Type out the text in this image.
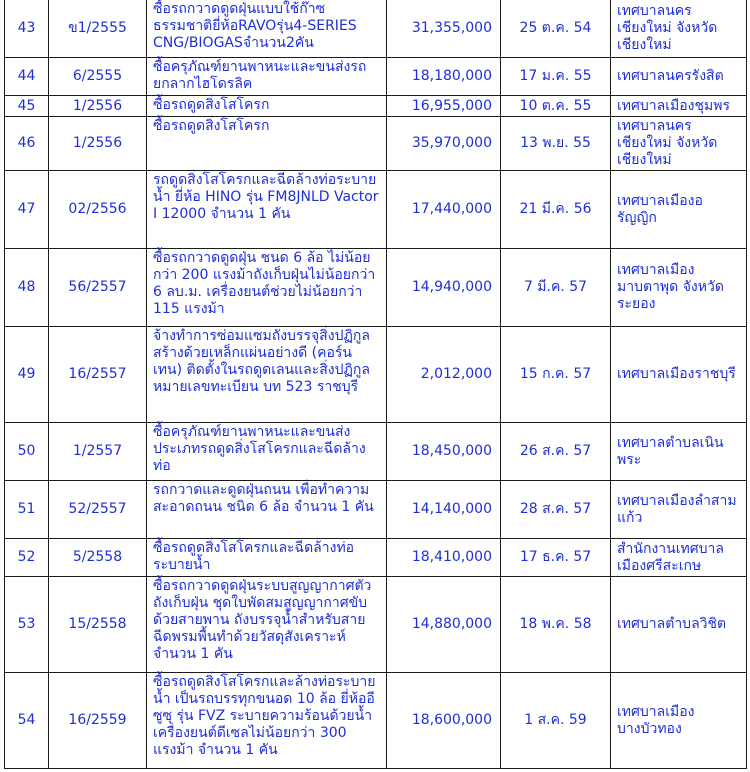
43	ข1/2555	ซื้อรถกวาดดูดฝุ่นแบบใช้ก๊าซธรรมชาติยี่ห้อRAVOรุ่น4-SERIES CNG/BIOGASจำนวน2คัน	31,355,000	25 ต.ค. 54	เทศบาลนครเชียงใหม่ จังหวัดเชียงใหม่
44	6/2555	ซื้อครุภัณฑ์ยานพาหนะและขนส่งรถยกลากไฮโดรลิค	18,180,000	17 ม.ค. 55	เทศบาลนครรังสิต
45	1/2556	ซื้อรถดูดสิ่งโสโครก	16,955,000	10 ต.ค. 55	เทศบาลเมืองชุมพร
46	1/2556	ซื้อรถดูดสิ่งโสโครก	35,970,000	13 พ.ย. 55	เทศบาลนครเชียงใหม่ จังหวัดเชียงใหม่
47	02/2556	รถดูดสิ่งโสโครกและฉีดล้างท่อระบายน้ำ ยี่ห้อ HINO รุ่น FM8JNLD Vactor I 12000 จำนวน 1 คัน	17,440,000	21 มี.ค. 56	เทศบาลเมืองอรัญญิก
48	56/2557	ซื้อรถกวาดดูดฝุ่น ชนด 6 ล้อ ไม่น้อยกว่า 200 แรงม้าถังเก็บฝุ่นไม่น้อยกว่า 6 ลบ.ม. เครื่องยนต์ช่วยไม่น้อยกว่า 115 แรงม้า	14,940,000	7 มี.ค. 57	เทศบาลเมืองมาบตาพุด จังหวัดระยอง
49	16/2557	จ้างทำการซ่อมแซมถังบรรจุสิ่งปฏิกูลสร้างด้วยเหล็กแผ่นอย่างดี (คอร์นเทน) ติดตั้งในรถดูดเลนและสิ่งปฏิกูล หมายเลขทะเบียน บท 523 ราชบุรี	2,012,000	15 ก.ค. 57	เทศบาลเมืองราชบุรี
50	1/2557	ซื้อครุภัณฑ์ยานพาหนะและขนส่งประเภทรถดูดสิ่งโสโครกและฉีดล้างท่อ	18,450,000	26 ส.ค. 57	เทศบาลตำบลเนินพระ
51	52/2557	รถกวาดและดูดฝุ่นถนน เพื่อทำความสะอาดถนน ชนิด 6 ล้อ จำนวน 1 คัน	14,140,000	28 ส.ค. 57	เทศบาลเมืองลำสามแก้ว
52	5/2558	ซื้อรถดูดสิ่งโสโครกและฉีดล้างท่อระบายน้ำ	18,410,000	17 ธ.ค. 57	สำนักงานเทศบาลเมืองศรีสะเกษ
53	15/2558	ซื้อรถกวาดดูดฝุ่นระบบสูญญากาศตัวถังเก็บฝุ่น ชุดใบพัดสมสูญญากาศขับด้วยสายพาน ถังบรรจุน้ำสำหรับสายฉีดพรมพื้นทำด้วยวัสดุสังเคราะห์ จำนวน 1 คัน	14,880,000	18 พ.ค. 58	เทศบาลตำบลวิชิต
54	16/2559	ซื้อรถดูดสิ่งโสโครกและล้างท่อระบายน้ำ เป็นรถบรรทุกขนอด 10 ล้อ ยี่ห้ออีซูซุ รุ่น FVZ ระบายความร้อนด้วยน้ำ เครื่องยนต์ดีเซลไม่น้อยกว่า 300 แรงม้า จำนวน 1 คัน	18,600,000	1 ส.ค. 59	เทศบาลเมืองบางบัวทอง
